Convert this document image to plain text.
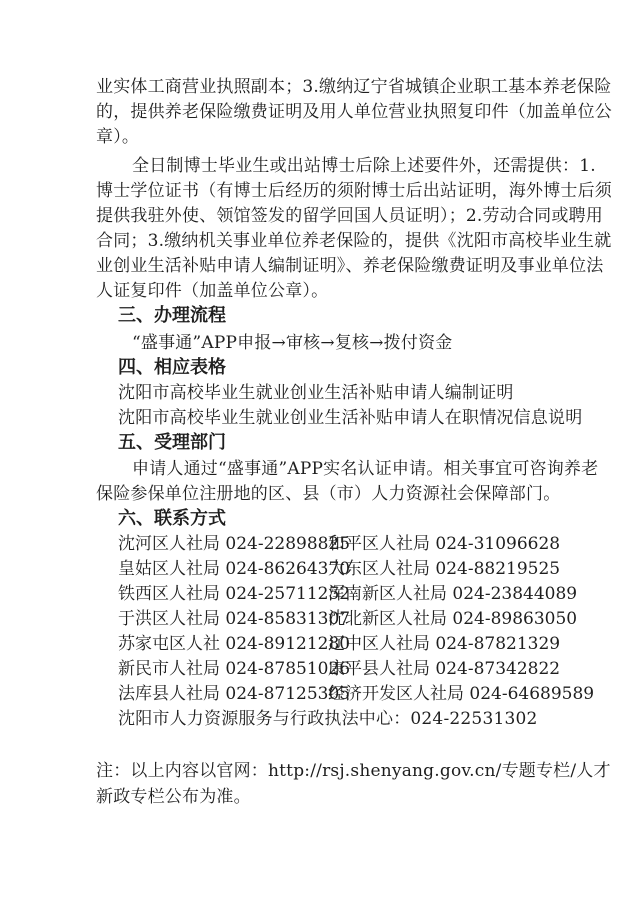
业实体工商营业执照副本；3.缴纳辽宁省城镇企业职工基本养老保险
的，提供养老保险缴费证明及用人单位营业执照复印件（加盖单位公
章）。
全日制博士毕业生或出站博士后除上述要件外，还需提供：1.
博士学位证书（有博士后经历的须附博士后出站证明，海外博士后须
提供我驻外使、领馆签发的留学回国人员证明）；2.劳动合同或聘用
合同；3.缴纳机关事业单位养老保险的，提供《沈阳市高校毕业生就
业创业生活补贴申请人编制证明》、养老保险缴费证明及事业单位法
人证复印件（加盖单位公章）。
三、办理流程
“盛事通”APP申报→审核→复核→拨付资金
四、相应表格
沈阳市高校毕业生就业创业生活补贴申请人编制证明
沈阳市高校毕业生就业创业生活补贴申请人在职情况信息说明
五、受理部门
申请人通过“盛事通”APP实名认证申请。相关事宜可咨询养老
保险参保单位注册地的区、县（市）人力资源社会保障部门。
六、联系方式
沈河区人社局 024-22898825
和平区人社局 024-31096628
皇姑区人社局 024-86264370
大东区人社局 024-88219525
铁西区人社局 024-25711252
浑南新区人社局 024-23844089
于洪区人社局 024-85831307
沈北新区人社局 024-89863050
苏家屯区人社 024-89121280
辽中区人社局 024-87821329
新民市人社局 024-87851026
康平县人社局 024-87342822
法库县人社局 024-87125305
经济开发区人社局 024-64689589
沈阳市人力资源服务与行政执法中心：024-22531302
注：以上内容以官网：http://rsj.shenyang.gov.cn/专题专栏/人才
新政专栏公布为准。
